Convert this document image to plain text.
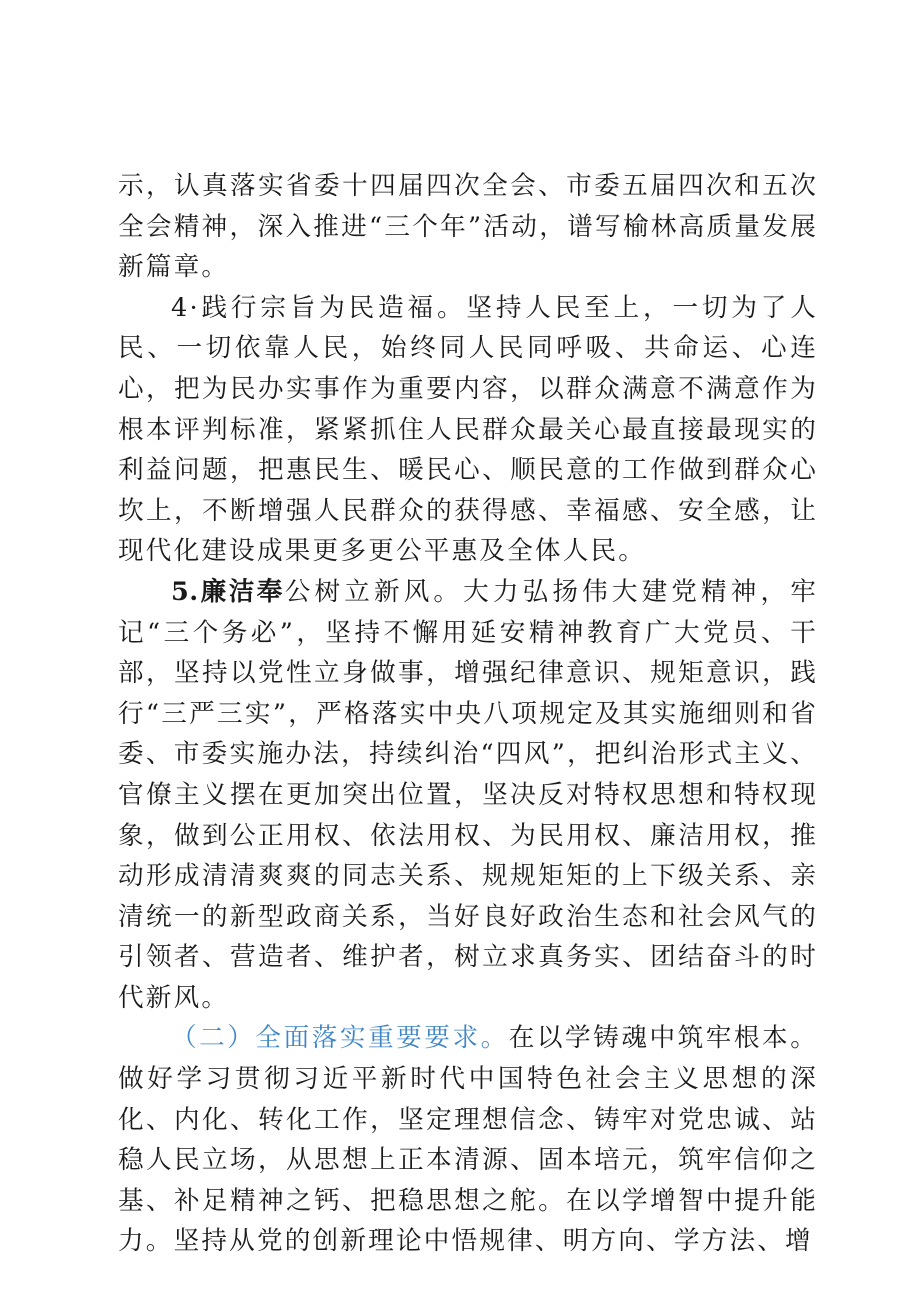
示，认真落实省委十四届四次全会、市委五届四次和五次全会精神，深入推进“三个年”活动，谱写榆林高质量发展新篇章。

4·践行宗旨为民造福。坚持人民至上，一切为了人民、一切依靠人民，始终同人民同呼吸、共命运、心连心，把为民办实事作为重要内容，以群众满意不满意作为根本评判标准，紧紧抓住人民群众最关心最直接最现实的利益问题，把惠民生、暖民心、顺民意的工作做到群众心坎上，不断增强人民群众的获得感、幸福感、安全感，让现代化建设成果更多更公平惠及全体人民。

5.廉洁奉公树立新风。大力弘扬伟大建党精神，牢记“三个务必”，坚持不懈用延安精神教育广大党员、干部，坚持以党性立身做事，增强纪律意识、规矩意识，践行“三严三实”，严格落实中央八项规定及其实施细则和省委、市委实施办法，持续纠治“四风”，把纠治形式主义、官僚主义摆在更加突出位置，坚决反对特权思想和特权现象，做到公正用权、依法用权、为民用权、廉洁用权，推动形成清清爽爽的同志关系、规规矩矩的上下级关系、亲清统一的新型政商关系，当好良好政治生态和社会风气的引领者、营造者、维护者，树立求真务实、团结奋斗的时代新风。

（二）全面落实重要要求。在以学铸魂中筑牢根本。做好学习贯彻习近平新时代中国特色社会主义思想的深化、内化、转化工作，坚定理想信念、铸牢对党忠诚、站稳人民立场，从思想上正本清源、固本培元，筑牢信仰之基、补足精神之钙、把稳思想之舵。在以学增智中提升能力。坚持从党的创新理论中悟规律、明方向、学方法、增
